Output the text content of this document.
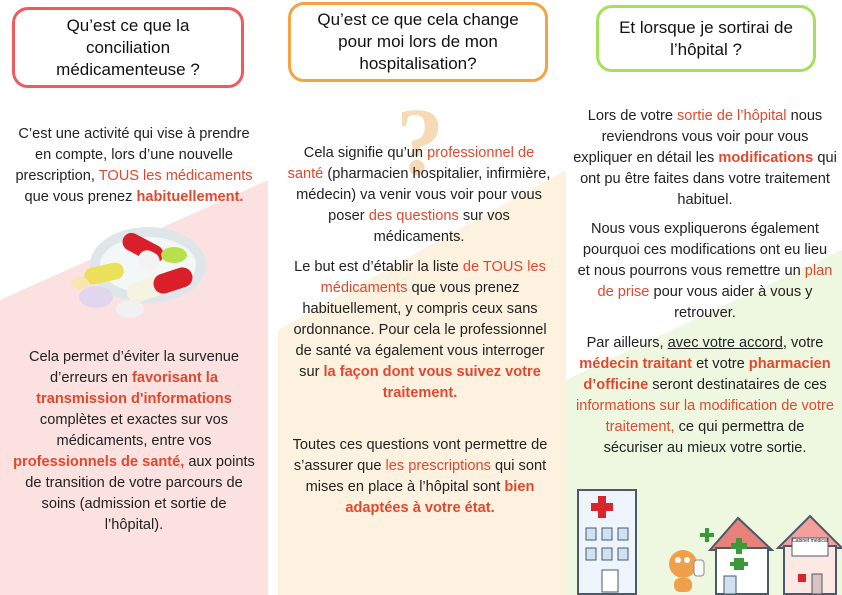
Qu’est ce que la conciliation médicamenteuse ?

C’est une activité qui vise à prendre en compte, lors d’une nouvelle prescription, TOUS les médicaments que vous prenez habituellement.

Cela permet d’éviter la survenue d’erreurs en favorisant la transmission d'informations complètes et exactes sur vos médicaments, entre vos professionnels de santé, aux points de transition de votre parcours de soins (admission et sortie de l’hôpital).

Qu’est ce que cela change pour moi lors de mon hospitalisation?
?

Cela signifie qu’un professionnel de santé (pharmacien hospitalier, infirmière, médecin) va venir vous voir pour vous poser des questions sur vos médicaments.

Le but est d’établir la liste de TOUS les médicaments que vous prenez habituellement, y compris ceux sans ordonnance. Pour cela le professionnel de santé va également vous interroger sur la façon dont vous suivez votre traitement.

Toutes ces questions vont permettre de s’assurer que les prescriptions qui sont mises en place à l’hôpital sont bien adaptées à votre état.

Et lorsque je sortirai de l’hôpital ?

Lors de votre sortie de l’hôpital nous reviendrons vous voir pour vous expliquer en détail les modifications qui ont pu être faites dans votre traitement habituel.

Nous vous expliquerons également pourquoi ces modifications ont eu lieu et nous pourrons vous remettre un plan de prise pour vous aider à vous y retrouver.

Par ailleurs, avec votre accord, votre médecin traitant et votre pharmacien d’officine seront destinataires de ces informations sur la modification de votre traitement, ce qui permettra de sécuriser au mieux votre sortie.

Cabinet médical
